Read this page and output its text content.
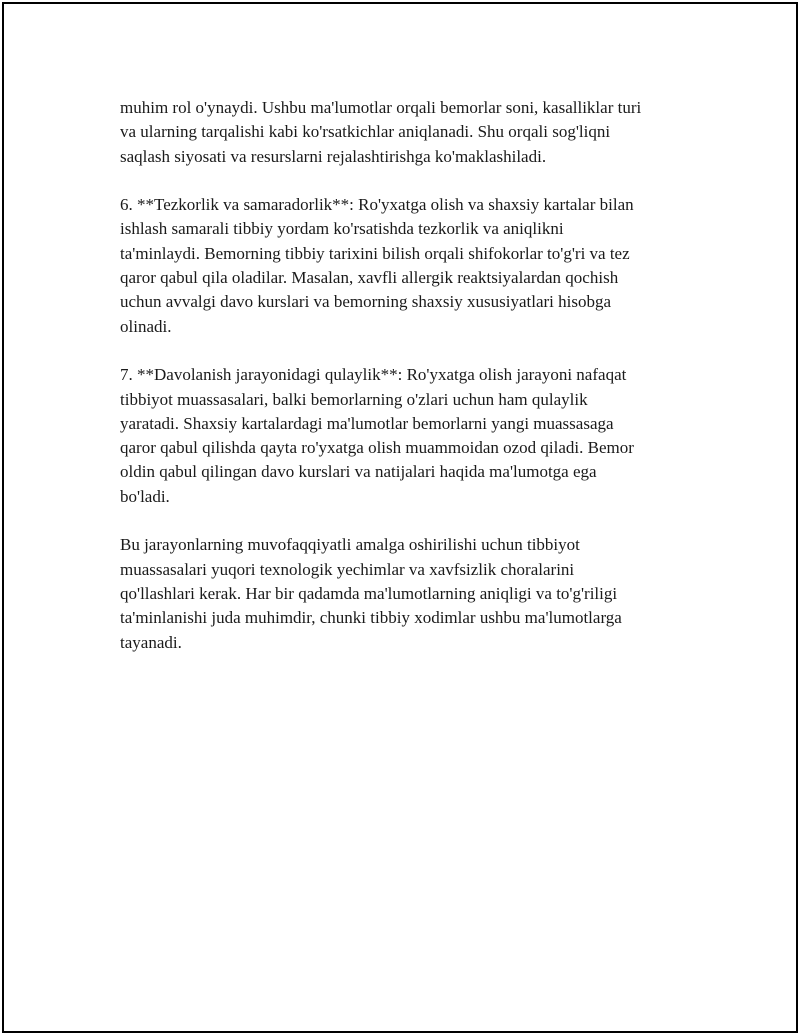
muhim rol o'ynaydi. Ushbu ma'lumotlar orqali bemorlar soni, kasalliklar turi
va ularning tarqalishi kabi ko'rsatkichlar aniqlanadi. Shu orqali sog'liqni
saqlash siyosati va resurslarni rejalashtirishga ko'maklashiladi.

6. **Tezkorlik va samaradorlik**: Ro'yxatga olish va shaxsiy kartalar bilan
ishlash samarali tibbiy yordam ko'rsatishda tezkorlik va aniqlikni
ta'minlaydi. Bemorning tibbiy tarixini bilish orqali shifokorlar to'g'ri va tez
qaror qabul qila oladilar. Masalan, xavfli allergik reaktsiyalardan qochish
uchun avvalgi davo kurslari va bemorning shaxsiy xususiyatlari hisobga
olinadi.

7. **Davolanish jarayonidagi qulaylik**: Ro'yxatga olish jarayoni nafaqat
tibbiyot muassasalari, balki bemorlarning o'zlari uchun ham qulaylik
yaratadi. Shaxsiy kartalardagi ma'lumotlar bemorlarni yangi muassasaga
qaror qabul qilishda qayta ro'yxatga olish muammoidan ozod qiladi. Bemor
oldin qabul qilingan davo kurslari va natijalari haqida ma'lumotga ega
bo'ladi.

Bu jarayonlarning muvofaqqiyatli amalga oshirilishi uchun tibbiyot
muassasalari yuqori texnologik yechimlar va xavfsizlik choralarini
qo'llashlari kerak. Har bir qadamda ma'lumotlarning aniqligi va to'g'riligi
ta'minlanishi juda muhimdir, chunki tibbiy xodimlar ushbu ma'lumotlarga
tayanadi.
